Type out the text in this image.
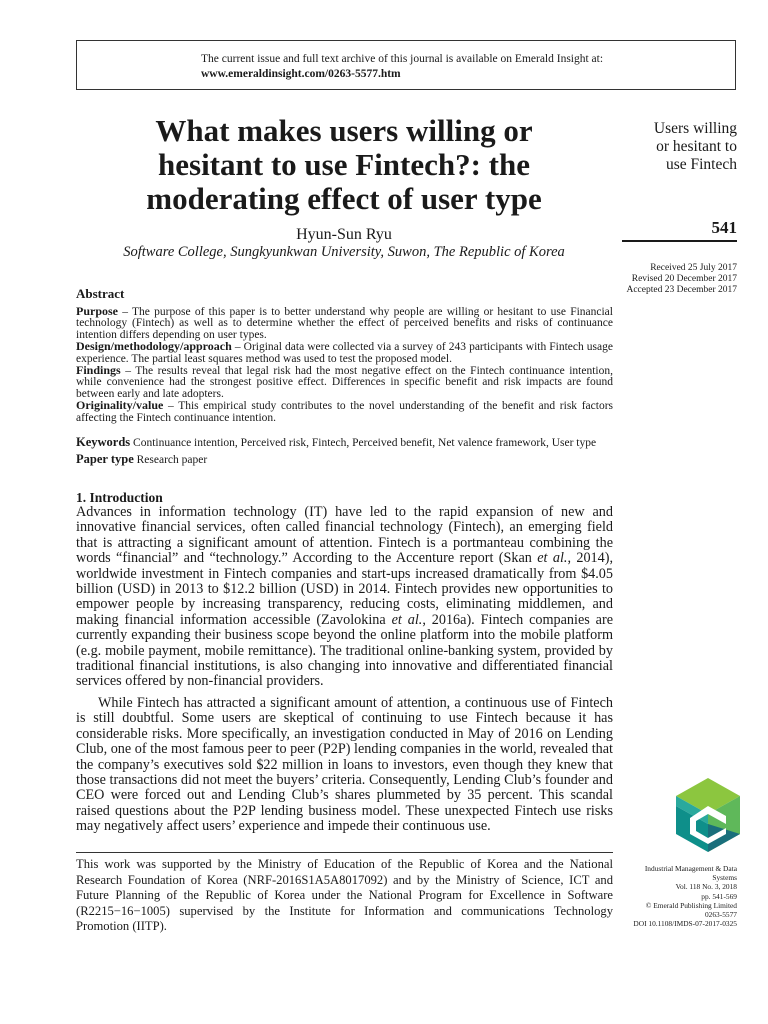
The current issue and full text archive of this journal is available on Emerald Insight at:
www.emeraldinsight.com/0263-5577.htm
What makes users willing or
hesitant to use Fintech?: the
moderating effect of user type
Hyun-Sun Ryu
Software College, Sungkyunkwan University, Suwon, The Republic of Korea
Users willing
or hesitant to
use Fintech
541
Received 25 July 2017
Revised 20 December 2017
Accepted 23 December 2017
Abstract

Purpose – The purpose of this paper is to better understand why people are willing or hesitant to use Financial technology (Fintech) as well as to determine whether the effect of perceived benefits and risks of continuance intention differs depending on user types.

Design/methodology/approach – Original data were collected via a survey of 243 participants with Fintech usage experience. The partial least squares method was used to test the proposed model.

Findings – The results reveal that legal risk had the most negative effect on the Fintech continuance intention, while convenience had the strongest positive effect. Differences in specific benefit and risk impacts are found between early and late adopters.

Originality/value – This empirical study contributes to the novel understanding of the benefit and risk factors affecting the Fintech continuance intention.

Keywords Continuance intention, Perceived risk, Fintech, Perceived benefit, Net valence framework, User type
Paper type Research paper
1. Introduction
Advances in information technology (IT) have led to the rapid expansion of new and innovative financial services, often called financial technology (Fintech), an emerging field that is attracting a significant amount of attention. Fintech is a portmanteau combining the words “financial” and “technology.” According to the Accenture report (Skan et al., 2014), worldwide investment in Fintech companies and start-ups increased dramatically from $4.05 billion (USD) in 2013 to $12.2 billion (USD) in 2014. Fintech provides new opportunities to empower people by increasing transparency, reducing costs, eliminating middlemen, and making financial information accessible (Zavolokina et al., 2016a). Fintech companies are currently expanding their business scope beyond the online platform into the mobile platform (e.g. mobile payment, mobile remittance). The traditional online-banking system, provided by traditional financial institutions, is also changing into innovative and differentiated financial services offered by non-financial providers.
While Fintech has attracted a significant amount of attention, a continuous use of Fintech is still doubtful. Some users are skeptical of continuing to use Fintech because it has considerable risks. More specifically, an investigation conducted in May of 2016 on Lending Club, one of the most famous peer to peer (P2P) lending companies in the world, revealed that the company’s executives sold $22 million in loans to investors, even though they knew that those transactions did not meet the buyers’ criteria. Consequently, Lending Club’s founder and CEO were forced out and Lending Club’s shares plummeted by 35 percent. This scandal raised questions about the P2P lending business model. These unexpected Fintech use risks may negatively affect users’ experience and impede their continuous use.
This work was supported by the Ministry of Education of the Republic of Korea and the National Research Foundation of Korea (NRF-2016S1A5A8017092) and by the Ministry of Science, ICT and Future Planning of the Republic of Korea under the National Program for Excellence in Software (R2215−16−1005) supervised by the Institute for Information and communications Technology Promotion (IITP).
Industrial Management & Data
Systems
Vol. 118 No. 3, 2018
pp. 541-569
© Emerald Publishing Limited
0263-5577
DOI 10.1108/IMDS-07-2017-0325
